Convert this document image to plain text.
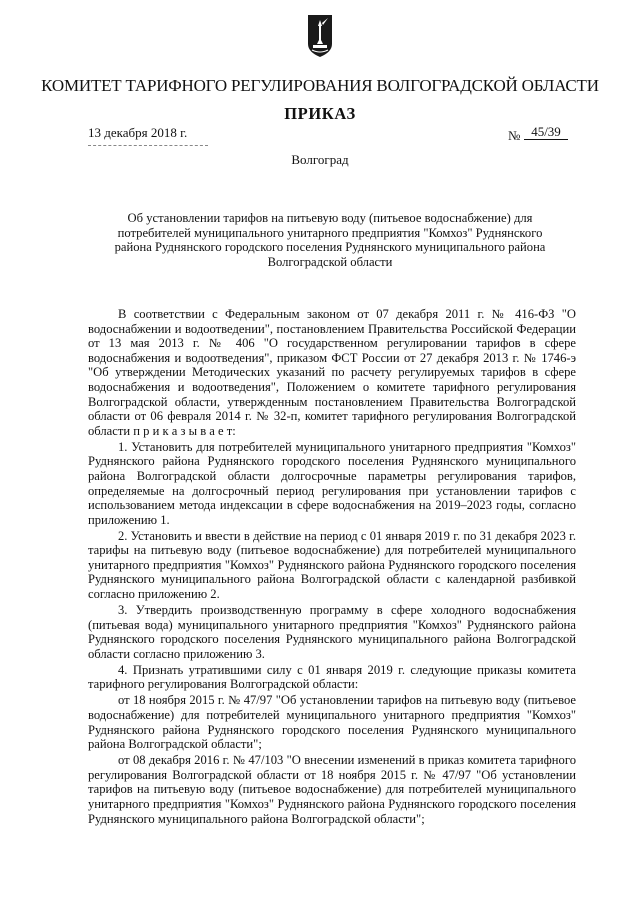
КОМИТЕТ ТАРИФНОГО РЕГУЛИРОВАНИЯ ВОЛГОГРАДСКОЙ ОБЛАСТИ
ПРИКАЗ
13 декабря 2018 г.	№ 45/39
Волгоград
Об установлении тарифов на питьевую воду (питьевое водоснабжение) для потребителей муниципального унитарного предприятия "Комхоз" Руднянского района Руднянского городского поселения Руднянского муниципального района Волгоградской области

В соответствии с Федеральным законом от 07 декабря 2011 г. № 416-ФЗ "О водоснабжении и водоотведении", постановлением Правительства Российской Федерации от 13 мая 2013 г. № 406 "О государственном регулировании тарифов в сфере водоснабжения и водоотведения", приказом ФСТ России от 27 декабря 2013 г. № 1746-э "Об утверждении Методических указаний по расчету регулируемых тарифов в сфере водоснабжения и водоотведения", Положением о комитете тарифного регулирования Волгоградской области, утвержденным постановлением Правительства Волгоградской области от 06 февраля 2014 г. № 32-п, комитет тарифного регулирования Волгоградской области п р и к а з ы в а е т:

1. Установить для потребителей муниципального унитарного предприятия "Комхоз" Руднянского района Руднянского городского поселения Руднянского муниципального района Волгоградской области долгосрочные параметры регулирования тарифов, определяемые на долгосрочный период регулирования при установлении тарифов с использованием метода индексации в сфере водоснабжения на 2019–2023 годы, согласно приложению 1.

2. Установить и ввести в действие на период с 01 января 2019 г. по 31 декабря 2023 г. тарифы на питьевую воду (питьевое водоснабжение) для потребителей муниципального унитарного предприятия "Комхоз" Руднянского района Руднянского городского поселения Руднянского муниципального района Волгоградской области с календарной разбивкой согласно приложению 2.

3. Утвердить производственную программу в сфере холодного водоснабжения (питьевая вода) муниципального унитарного предприятия "Комхоз" Руднянского района Руднянского городского поселения Руднянского муниципального района Волгоградской области согласно приложению 3.

4. Признать утратившими силу с 01 января 2019 г. следующие приказы комитета тарифного регулирования Волгоградской области:

от 18 ноября 2015 г. № 47/97 "Об установлении тарифов на питьевую воду (питьевое водоснабжение) для потребителей муниципального унитарного предприятия "Комхоз" Руднянского района Руднянского городского поселения Руднянского муниципального района Волгоградской области";

от 08 декабря 2016 г. № 47/103 "О внесении изменений в приказ комитета тарифного регулирования Волгоградской области от 18 ноября 2015 г. № 47/97 "Об установлении тарифов на питьевую воду (питьевое водоснабжение) для потребителей муниципального унитарного предприятия "Комхоз" Руднянского района Руднянского городского поселения Руднянского муниципального района Волгоградской области";
